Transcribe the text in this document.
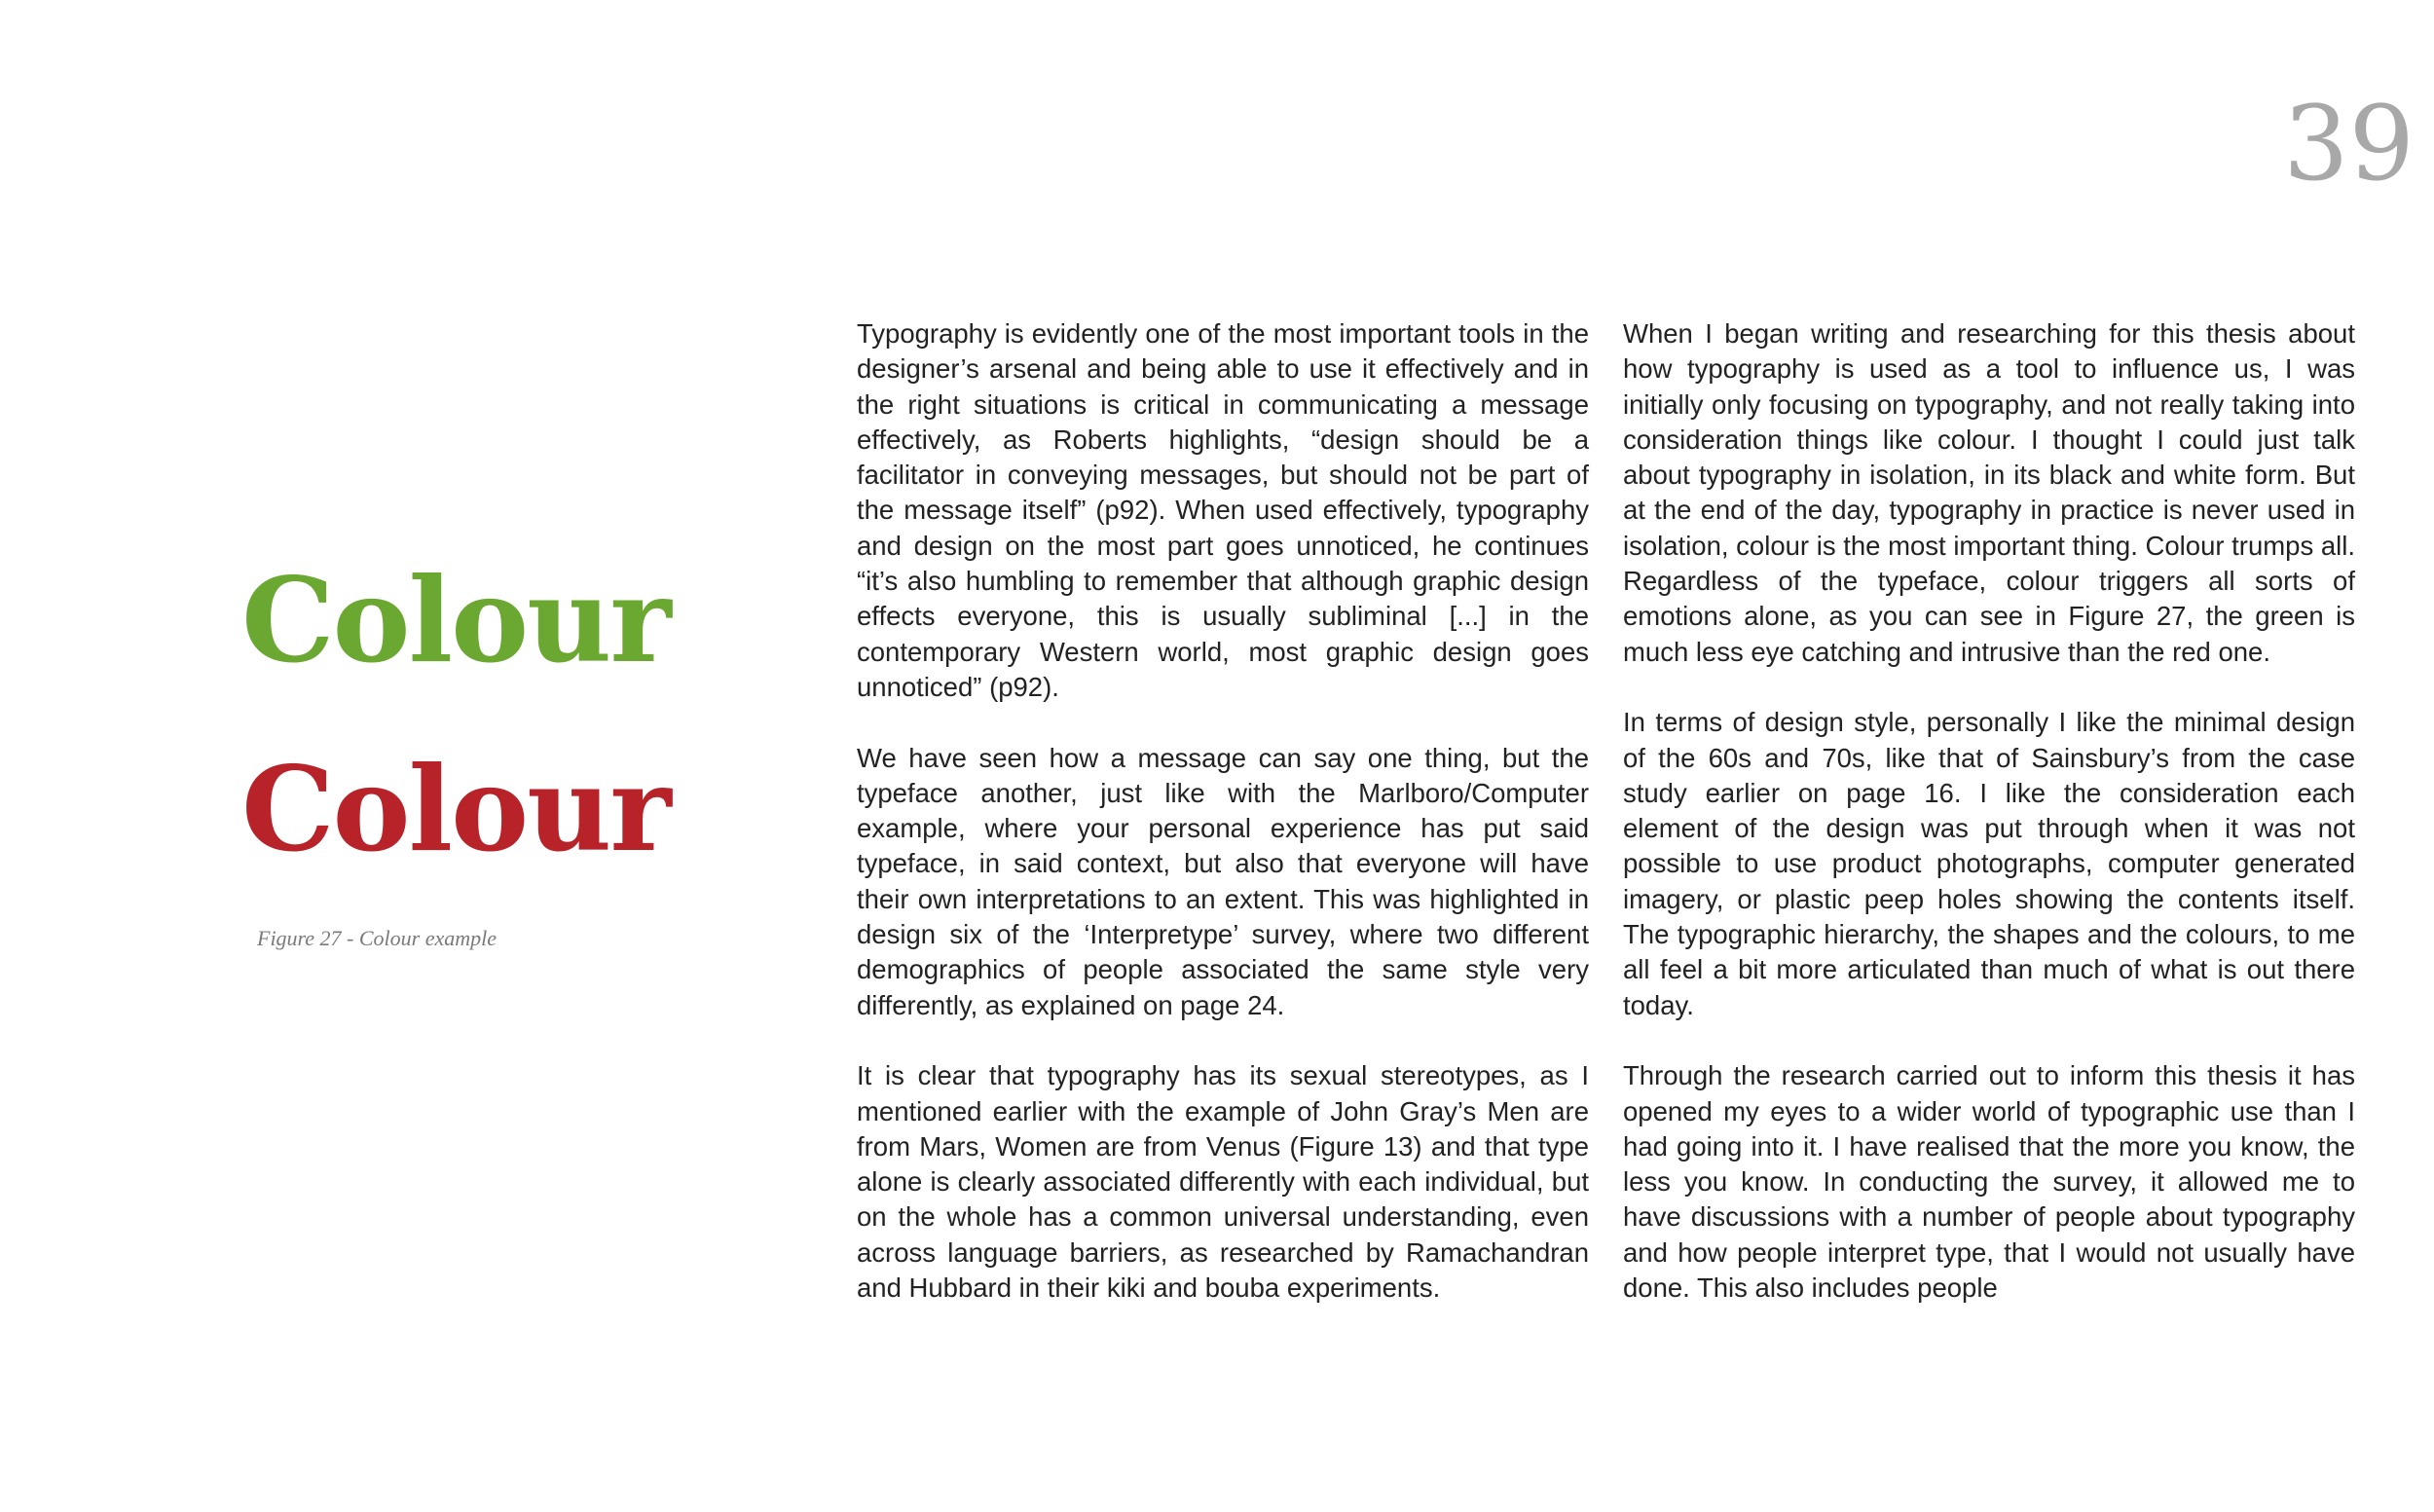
39
Colour
Colour
Figure 27 - Colour example

Typography is evidently one of the most important tools in the designer’s arsenal and being able to use it effectively and in the right situations is critical in communicating a message effectively, as Roberts highlights, “design should be a facilitator in conveying messages, but should not be part of the message itself” (p92). When used effectively, typography and design on the most part goes unnoticed, he continues “it’s also humbling to remember that although graphic design effects everyone, this is usually subliminal [...] in the contemporary Western world, most graphic design goes unnoticed” (p92).

We have seen how a message can say one thing, but the typeface another, just like with the Marlboro/Computer example, where your personal experience has put said typeface, in said context, but also that everyone will have their own interpretations to an extent. This was highlighted in design six of the ‘Interpretype’ survey, where two different demographics of people associated the same style very differently, as explained on page 24.

It is clear that typography has its sexual stereotypes, as I mentioned earlier with the example of John Gray’s Men are from Mars, Women are from Venus (Figure 13) and that type alone is clearly associated differently with each individual, but on the whole has a common universal understanding, even across language barriers, as researched by Ramachandran and Hubbard in their kiki and bouba experiments.

When I began writing and researching for this thesis about how typography is used as a tool to influence us, I was initially only focusing on typography, and not really taking into consideration things like colour. I thought I could just talk about typography in isolation, in its black and white form. But at the end of the day, typography in practice is never used in isolation, colour is the most important thing. Colour trumps all. Regardless of the typeface, colour triggers all sorts of emotions alone, as you can see in Figure 27, the green is much less eye catching and intrusive than the red one.

In terms of design style, personally I like the minimal design of the 60s and 70s, like that of Sainsbury’s from the case study earlier on page 16. I like the consideration each element of the design was put through when it was not possible to use product photographs, computer generated imagery, or plastic peep holes showing the contents itself. The typographic hierarchy, the shapes and the colours, to me all feel a bit more articulated than much of what is out there today.

Through the research carried out to inform this thesis it has opened my eyes to a wider world of typographic use than I had going into it. I have realised that the more you know, the less you know. In conducting the survey, it allowed me to have discussions with a number of people about typography and how people interpret type, that I would not usually have done. This also includes people
